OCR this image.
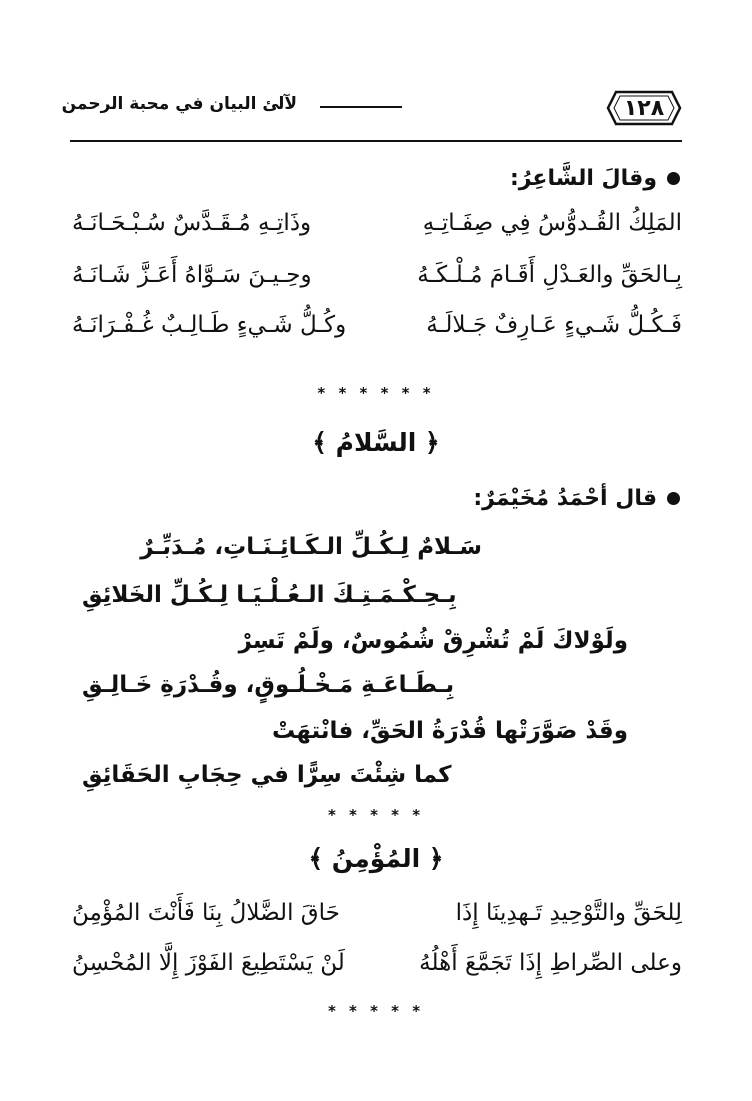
١٢٨
لآلئ البيان في محبة الرحمن
وقالَ الشَّاعِرُ:
المَلِكُ القُـدوُّسُ فِي صِفَـاتِـهِ
وذَاتِـهِ مُـقَـدَّسٌ سُـبْـحَـانَـهُ
بِـالحَقِّ والعَـدْلِ أَقَـامَ مُـلْـكَـهُ
وحِـيـنَ سَـوَّاهُ أَعَـزَّ شَـانَـهُ
فَـكُـلُّ شَـيءٍ عَـارِفٌ جَـلالَـهُ
وكُـلُّ شَـيءٍ طَـالِـبٌ غُـفْـرَانَـهُ
* * * * * *
﴿ السَّلامُ ﴾
قال أحْمَدُ مُخَيْمَرٌ:
سَـلامٌ لِـكُـلِّ الـكَـائِـنَـاتِ، مُـدَبِّـرٌ
بِـحِـكْـمَـتِـكَ الـعُـلْـيَـا لِـكُـلِّ الخَلائِقِ
ولَوْلاكَ لَمْ تُشْرِقْ شُمُوسٌ، ولَمْ تَسِرْ
بِـطَـاعَـةِ مَـخْـلُـوقٍ، وقُـدْرَةِ خَـالِـقِ
وقَدْ صَوَّرَتْها قُدْرَةُ الحَقِّ، فانْتهَتْ
كما شِئْتَ سِرًّا في حِجَابِ الحَقَائِقِ
* * * * *
﴿ المُؤْمِنُ ﴾
لِلحَقِّ والتَّوْحِيدِ تَـهدِينَا إِذَا
حَاقَ الضَّلالُ بِنَا فَأَنْتَ المُؤْمِنُ
وعلى الصِّراطِ إِذَا تَجَمَّعَ أَهْلُهُ
لَنْ يَسْتَطِيعَ الفَوْزَ إِلَّا المُحْسِنُ
* * * * *
